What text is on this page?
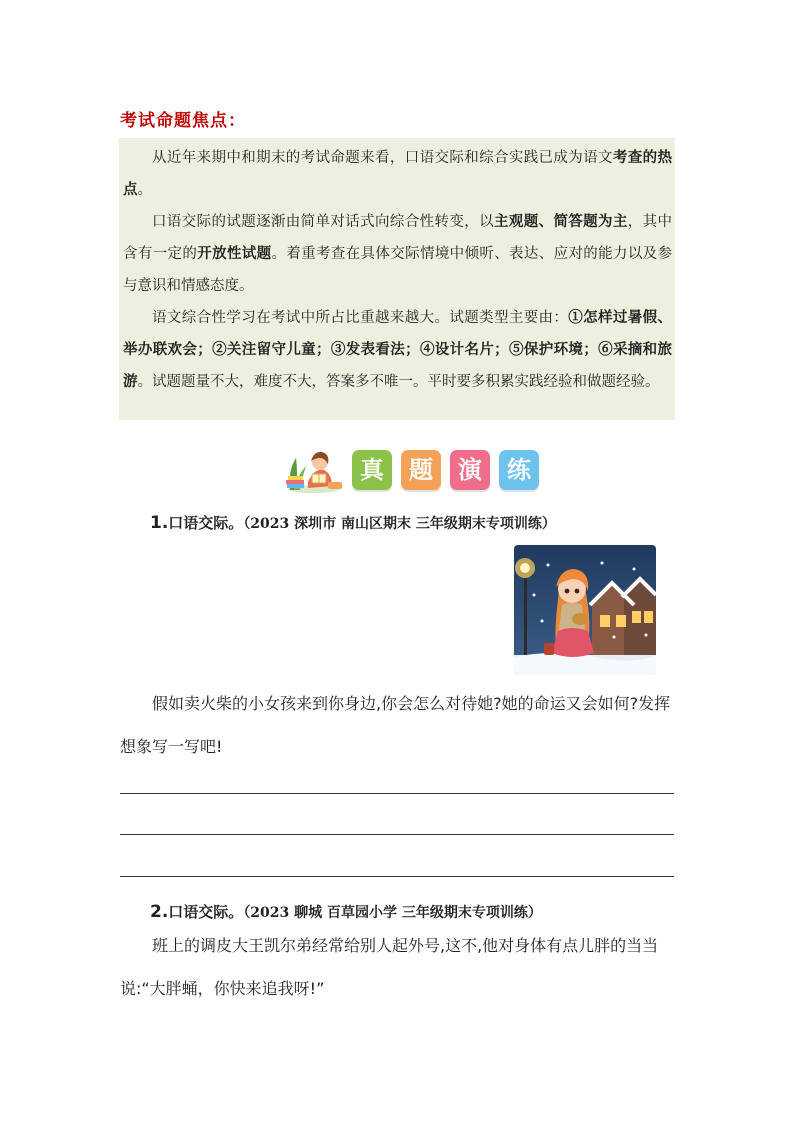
考试命题焦点：

从近年来期中和期末的考试命题来看，口语交际和综合实践已成为语文考查的热点。

口语交际的试题逐渐由简单对话式向综合性转变，以主观题、简答题为主，其中含有一定的开放性试题。着重考查在具体交际情境中倾听、表达、应对的能力以及参与意识和情感态度。

语文综合性学习在考试中所占比重越来越大。试题类型主要由：①怎样过暑假、举办联欢会；②关注留守儿童；③发表看法；④设计名片；⑤保护环境；⑥采摘和旅游。试题题量不大，难度不大，答案多不唯一。平时要多积累实践经验和做题经验。

真	题	演	练
1.口语交际。（2023 深圳市 南山区期末 三年级期末专项训练）

假如卖火柴的小女孩来到你身边,你会怎么对待她?她的命运又会如何?发挥想象写一写吧!

2.口语交际。（2023 聊城 百草园小学 三年级期末专项训练）

班上的调皮大王凯尔弟经常给别人起外号,这不,他对身体有点儿胖的当当说:“大胖蛹，你快来追我呀!”
